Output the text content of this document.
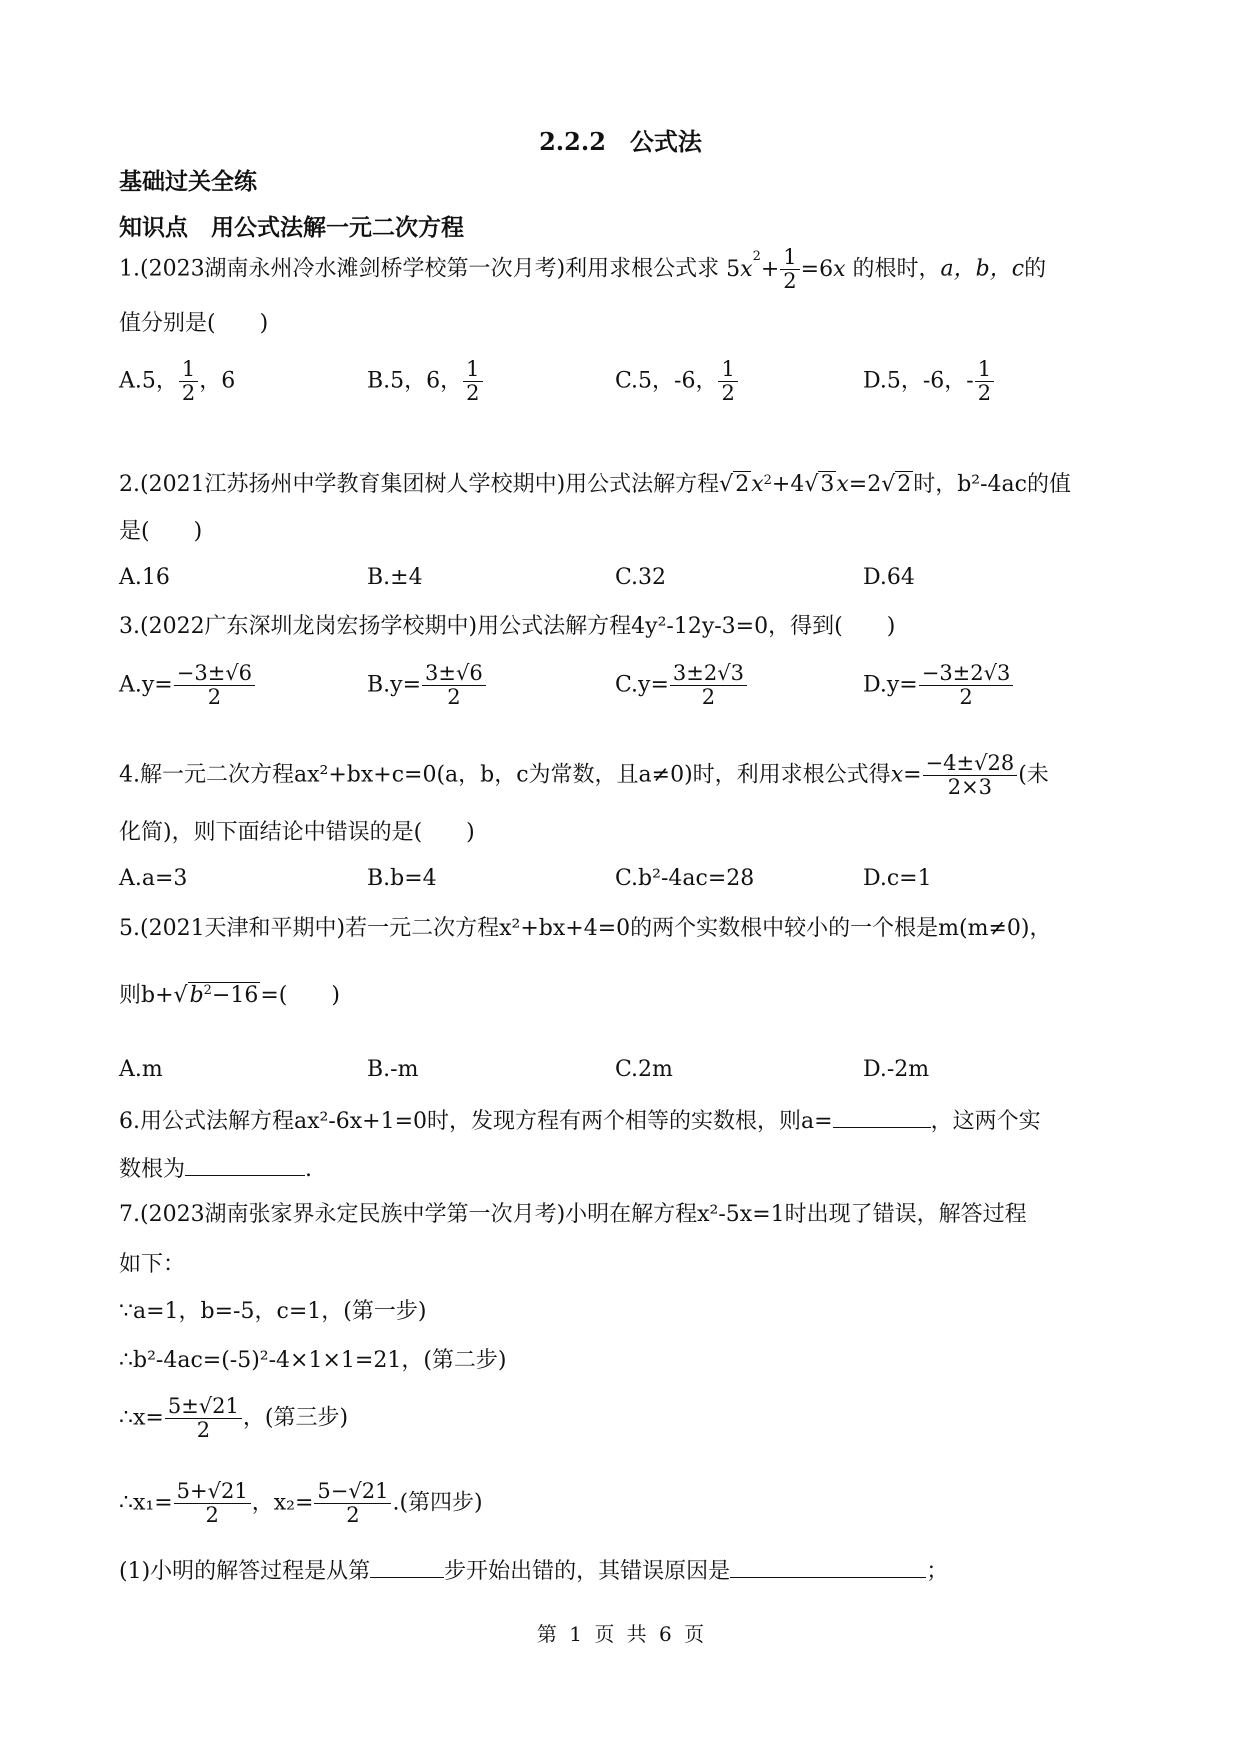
2.2.2　公式法
基础过关全练
知识点　用公式法解一元二次方程
1.(2023湖南永州冷水滩剑桥学校第一次月考)利用求根公式求 $5x^2+ \frac{1}{2} =6x$ 的根时，a，b，c的
值分别是(　　)
A.5， $\frac{1}{2}$ ，6	B.5，6， $\frac{1}{2}$	C.5，-6， $\frac{1}{2}$	D.5，-6，- $\frac{1}{2}$
2.(2021江苏扬州中学教育集团树人学校期中)用公式法解方程$√2x^2+4√3x=2√2$时，b²-4ac的值
是(　　)
A.16	B.±4	C.32	D.64
3.(2022广东深圳龙岗宏扬学校期中)用公式法解方程4y²-12y-3=0，得到(　　)
$A.y= \frac{-3\pm√6}{2}$	$B.y= \frac{3\pm√6}{2}$	$C.y= \frac{3\pm 2√3}{2}$	$D.y= \frac{-3\pm 2√3}{2}$
4.解一元二次方程ax²+bx+c=0(a，b，c为常数，且a≠0)时，利用求根公式得$x= \frac{-4\pm√28}{2\times 3}$ (未
化简)，则下面结论中错误的是(　　)
A.a=3	B.b=4	C.b²-4ac=28	D.c=1
5.(2021天津和平期中)若一元二次方程x²+bx+4=0的两个实数根中较小的一个根是m(m≠0)，
则$b+√b^2-16=$(　　)
A.m	B.-m	C.2m	D.-2m
6.用公式法解方程ax²-6x+1=0时，发现方程有两个相等的实数根，则a=	，这两个实
数根为	.
7.(2023湖南张家界永定民族中学第一次月考)小明在解方程x²-5x=1时出现了错误，解答过程
如下：
∵a=1，b=-5，c=1，(第一步)
∴b²-4ac=(-5)²-4×1×1=21，(第二步)
∴x= $\frac{5\pm√21}{2}$ ，(第三步)
∴x₁= $\frac{5+√21}{2}$ ，$x_2= \frac{5-√21}{2}$ .(第四步)
(1)小明的解答过程是从第	步开始出错的，其错误原因是	；
第 1 页 共 6 页
